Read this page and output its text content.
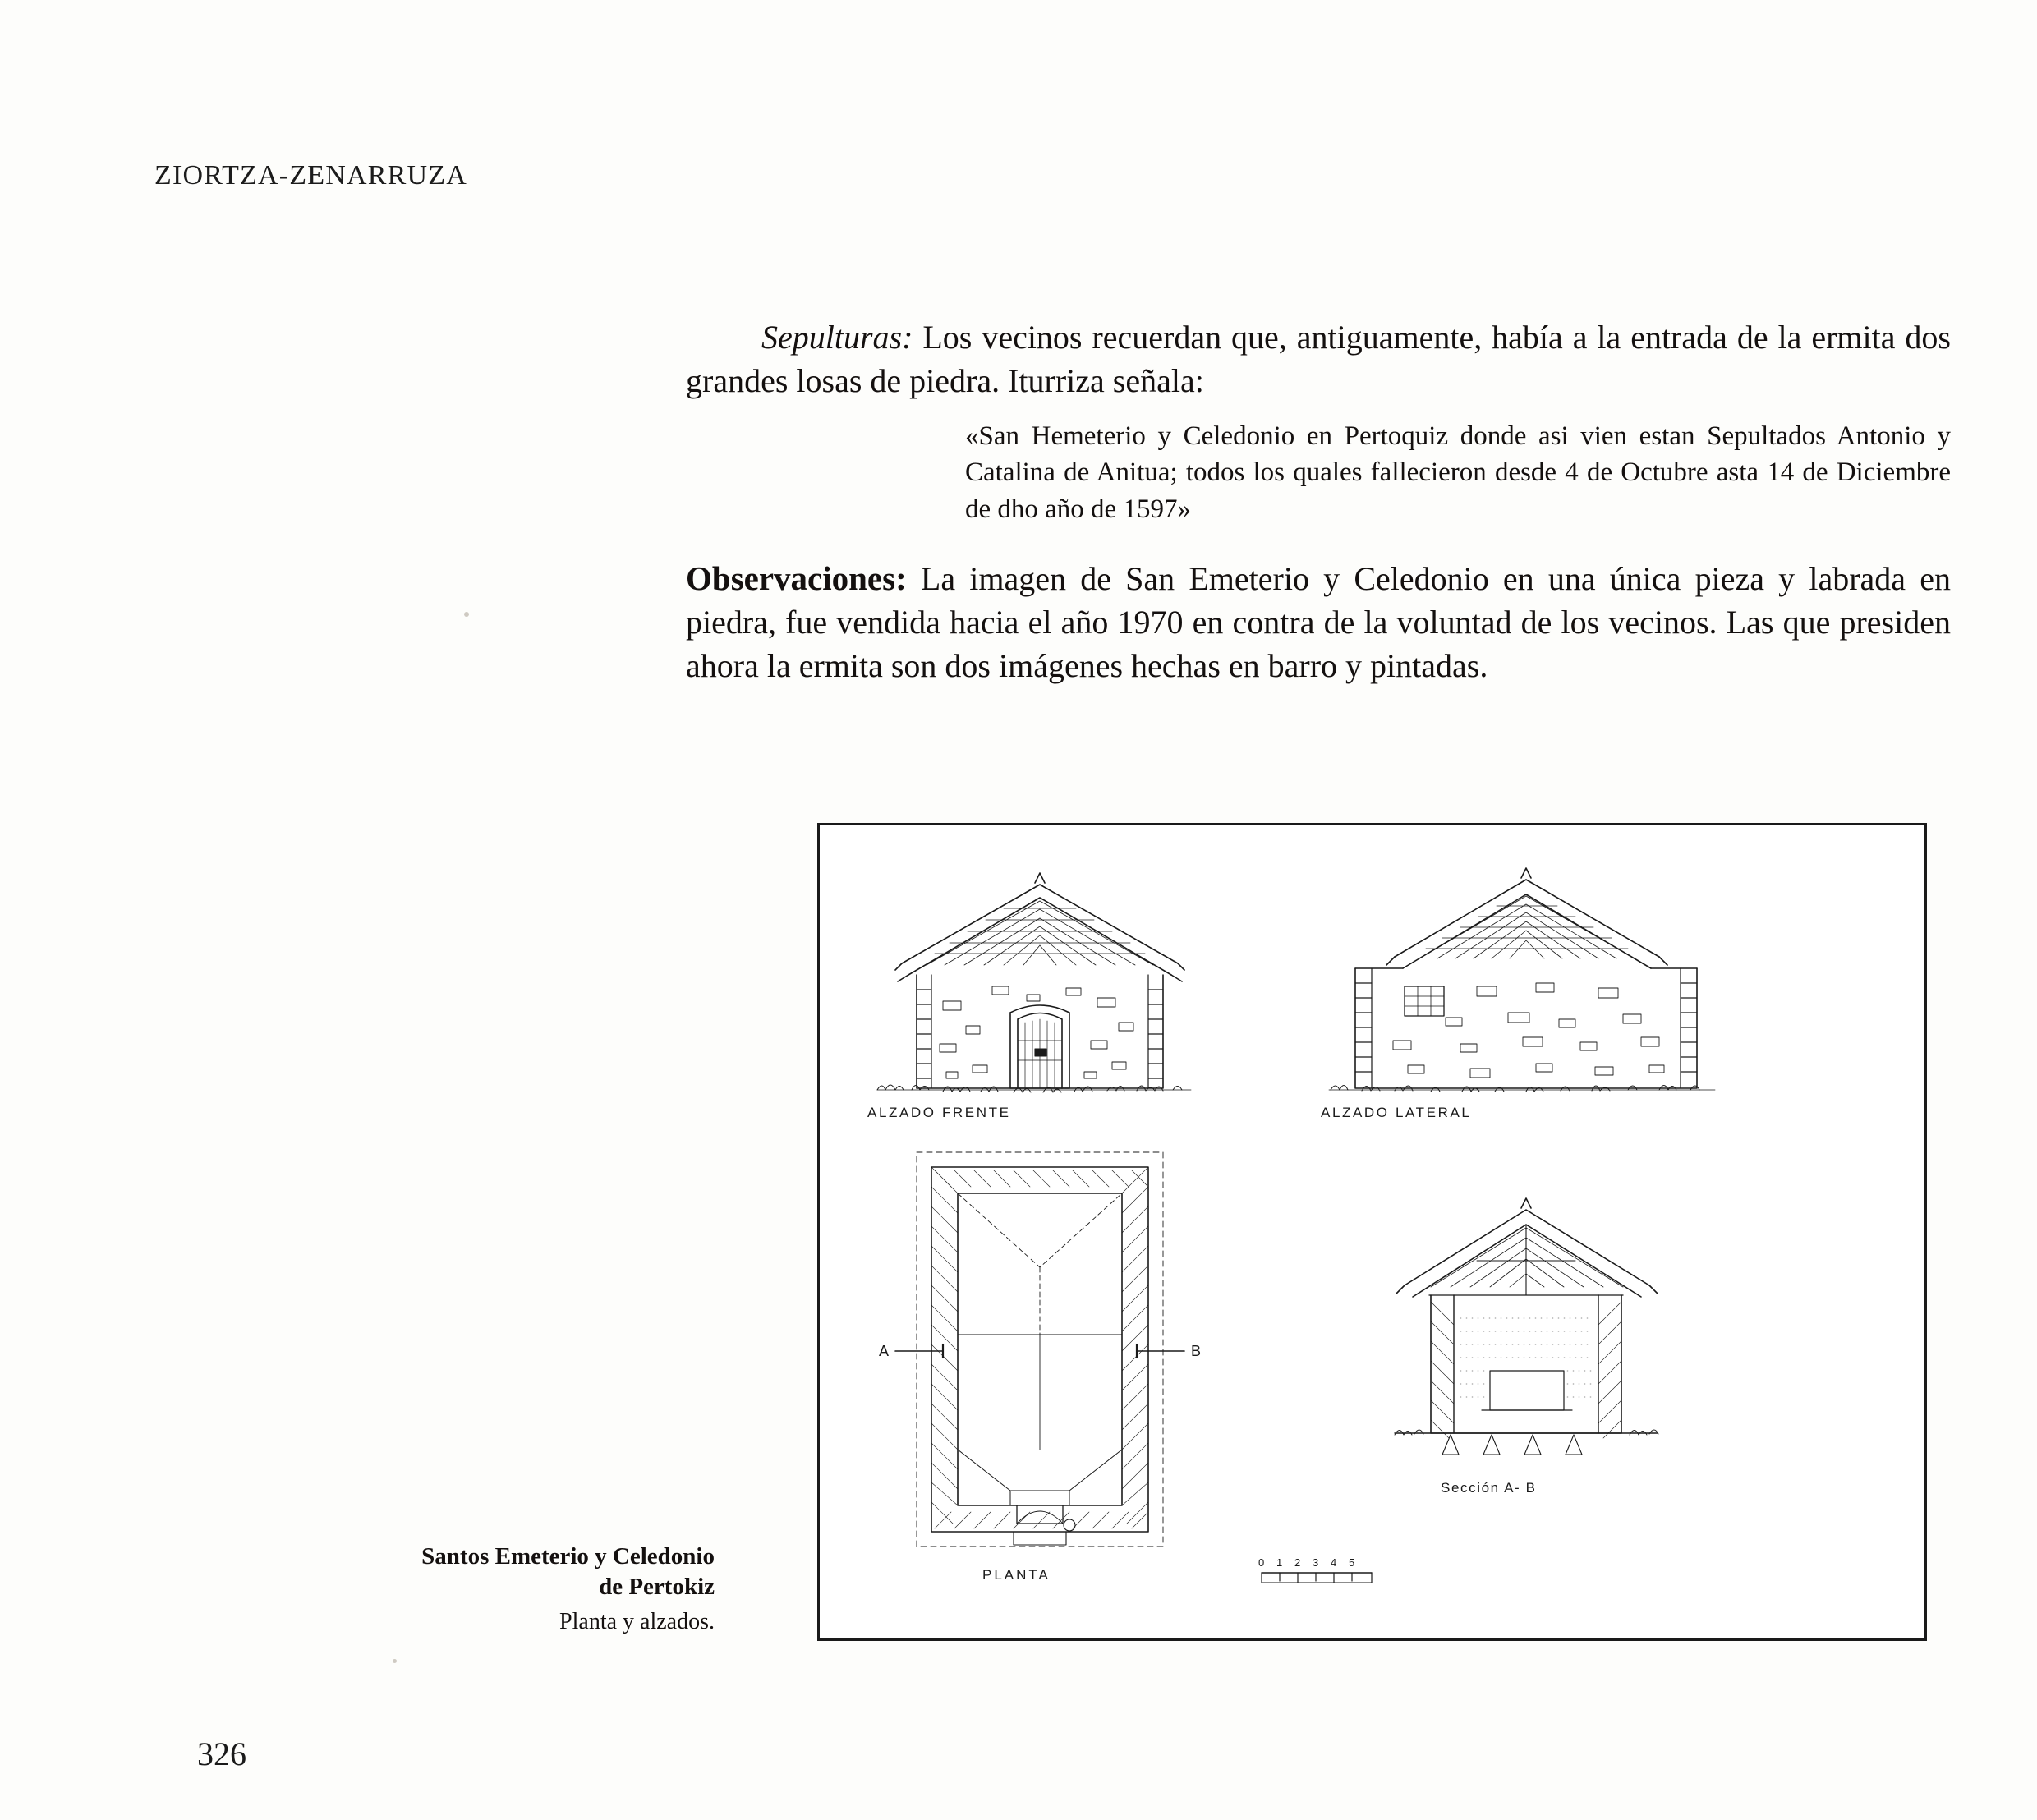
ZIORTZA-ZENARRUZA

Sepulturas: Los vecinos recuerdan que, antiguamente, había a la entrada de la ermita dos grandes losas de piedra. Iturriza señala:

«San Hemeterio y Celedonio en Pertoquiz donde asi vien estan Sepultados Antonio y Catalina de Anitua; todos los quales fallecieron desde 4 de Octubre asta 14 de Diciembre de dho año de 1597»

Observaciones: La imagen de San Emeterio y Celedonio en una única pieza y labrada en piedra, fue vendida hacia el año 1970 en contra de la voluntad de los vecinos. Las que presiden ahora la ermita son dos imágenes hechas en barro y pintadas.

ALZADO FRENTE	ALZADO LATERAL
PLANTA
Sección A- B
A	B
0 1 2 3 4 5
Santos Emeterio y Celedonio
de Pertokiz
Planta y alzados.
326
